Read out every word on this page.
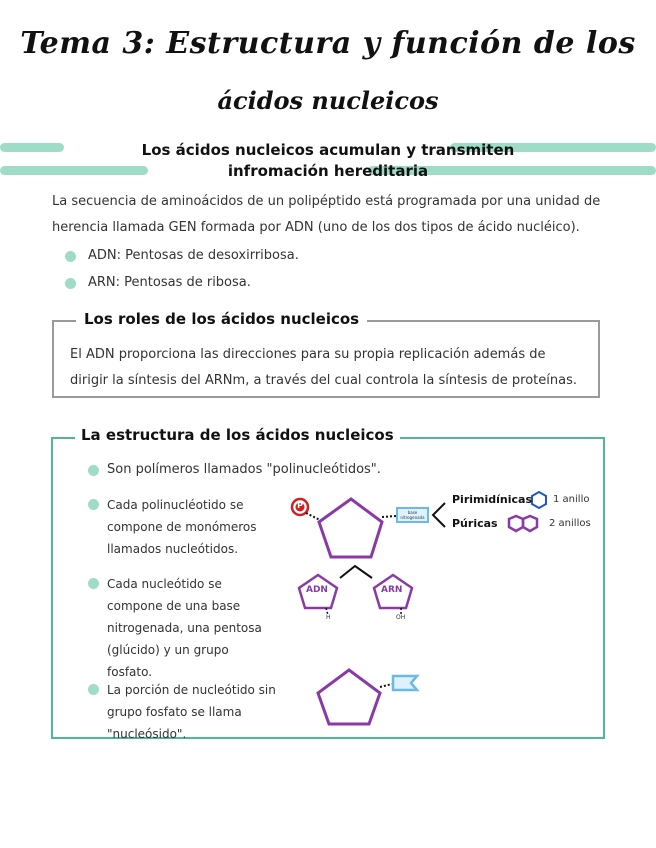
Tema 3: Estructura y función de los
ácidos nucleicos
Los ácidos nucleicos acumulan y transmiten
infromación hereditaria

La secuencia de aminoácidos de un polipéptido está programada por una unidad de herencia llamada GEN formada por ADN (uno de los dos tipos de ácido nucléico).

ADN: Pentosas de desoxirribosa.
ARN: Pentosas de ribosa.
Los roles de los ácidos nucleicos
El ADN proporciona las direcciones para su propia replicación además de dirigir la síntesis del ARNm, a través del cual controla la síntesis de proteínas.
La estructura de los ácidos nucleicos
Son polímeros llamados "polinucleótidos".
Cada polinucléotido se compone de monómeros llamados nucleótidos.
Cada nucleótido se compone de una base nitrogenada, una pentosa (glúcido) y un grupo fosfato.
La porción de nucleótido sin grupo fosfato se llama "nucleósido".
P
base nitrogenada
Pirimidínicas
Púricas
1 anillo
2 anillos
ADN	ARN
H	OH
